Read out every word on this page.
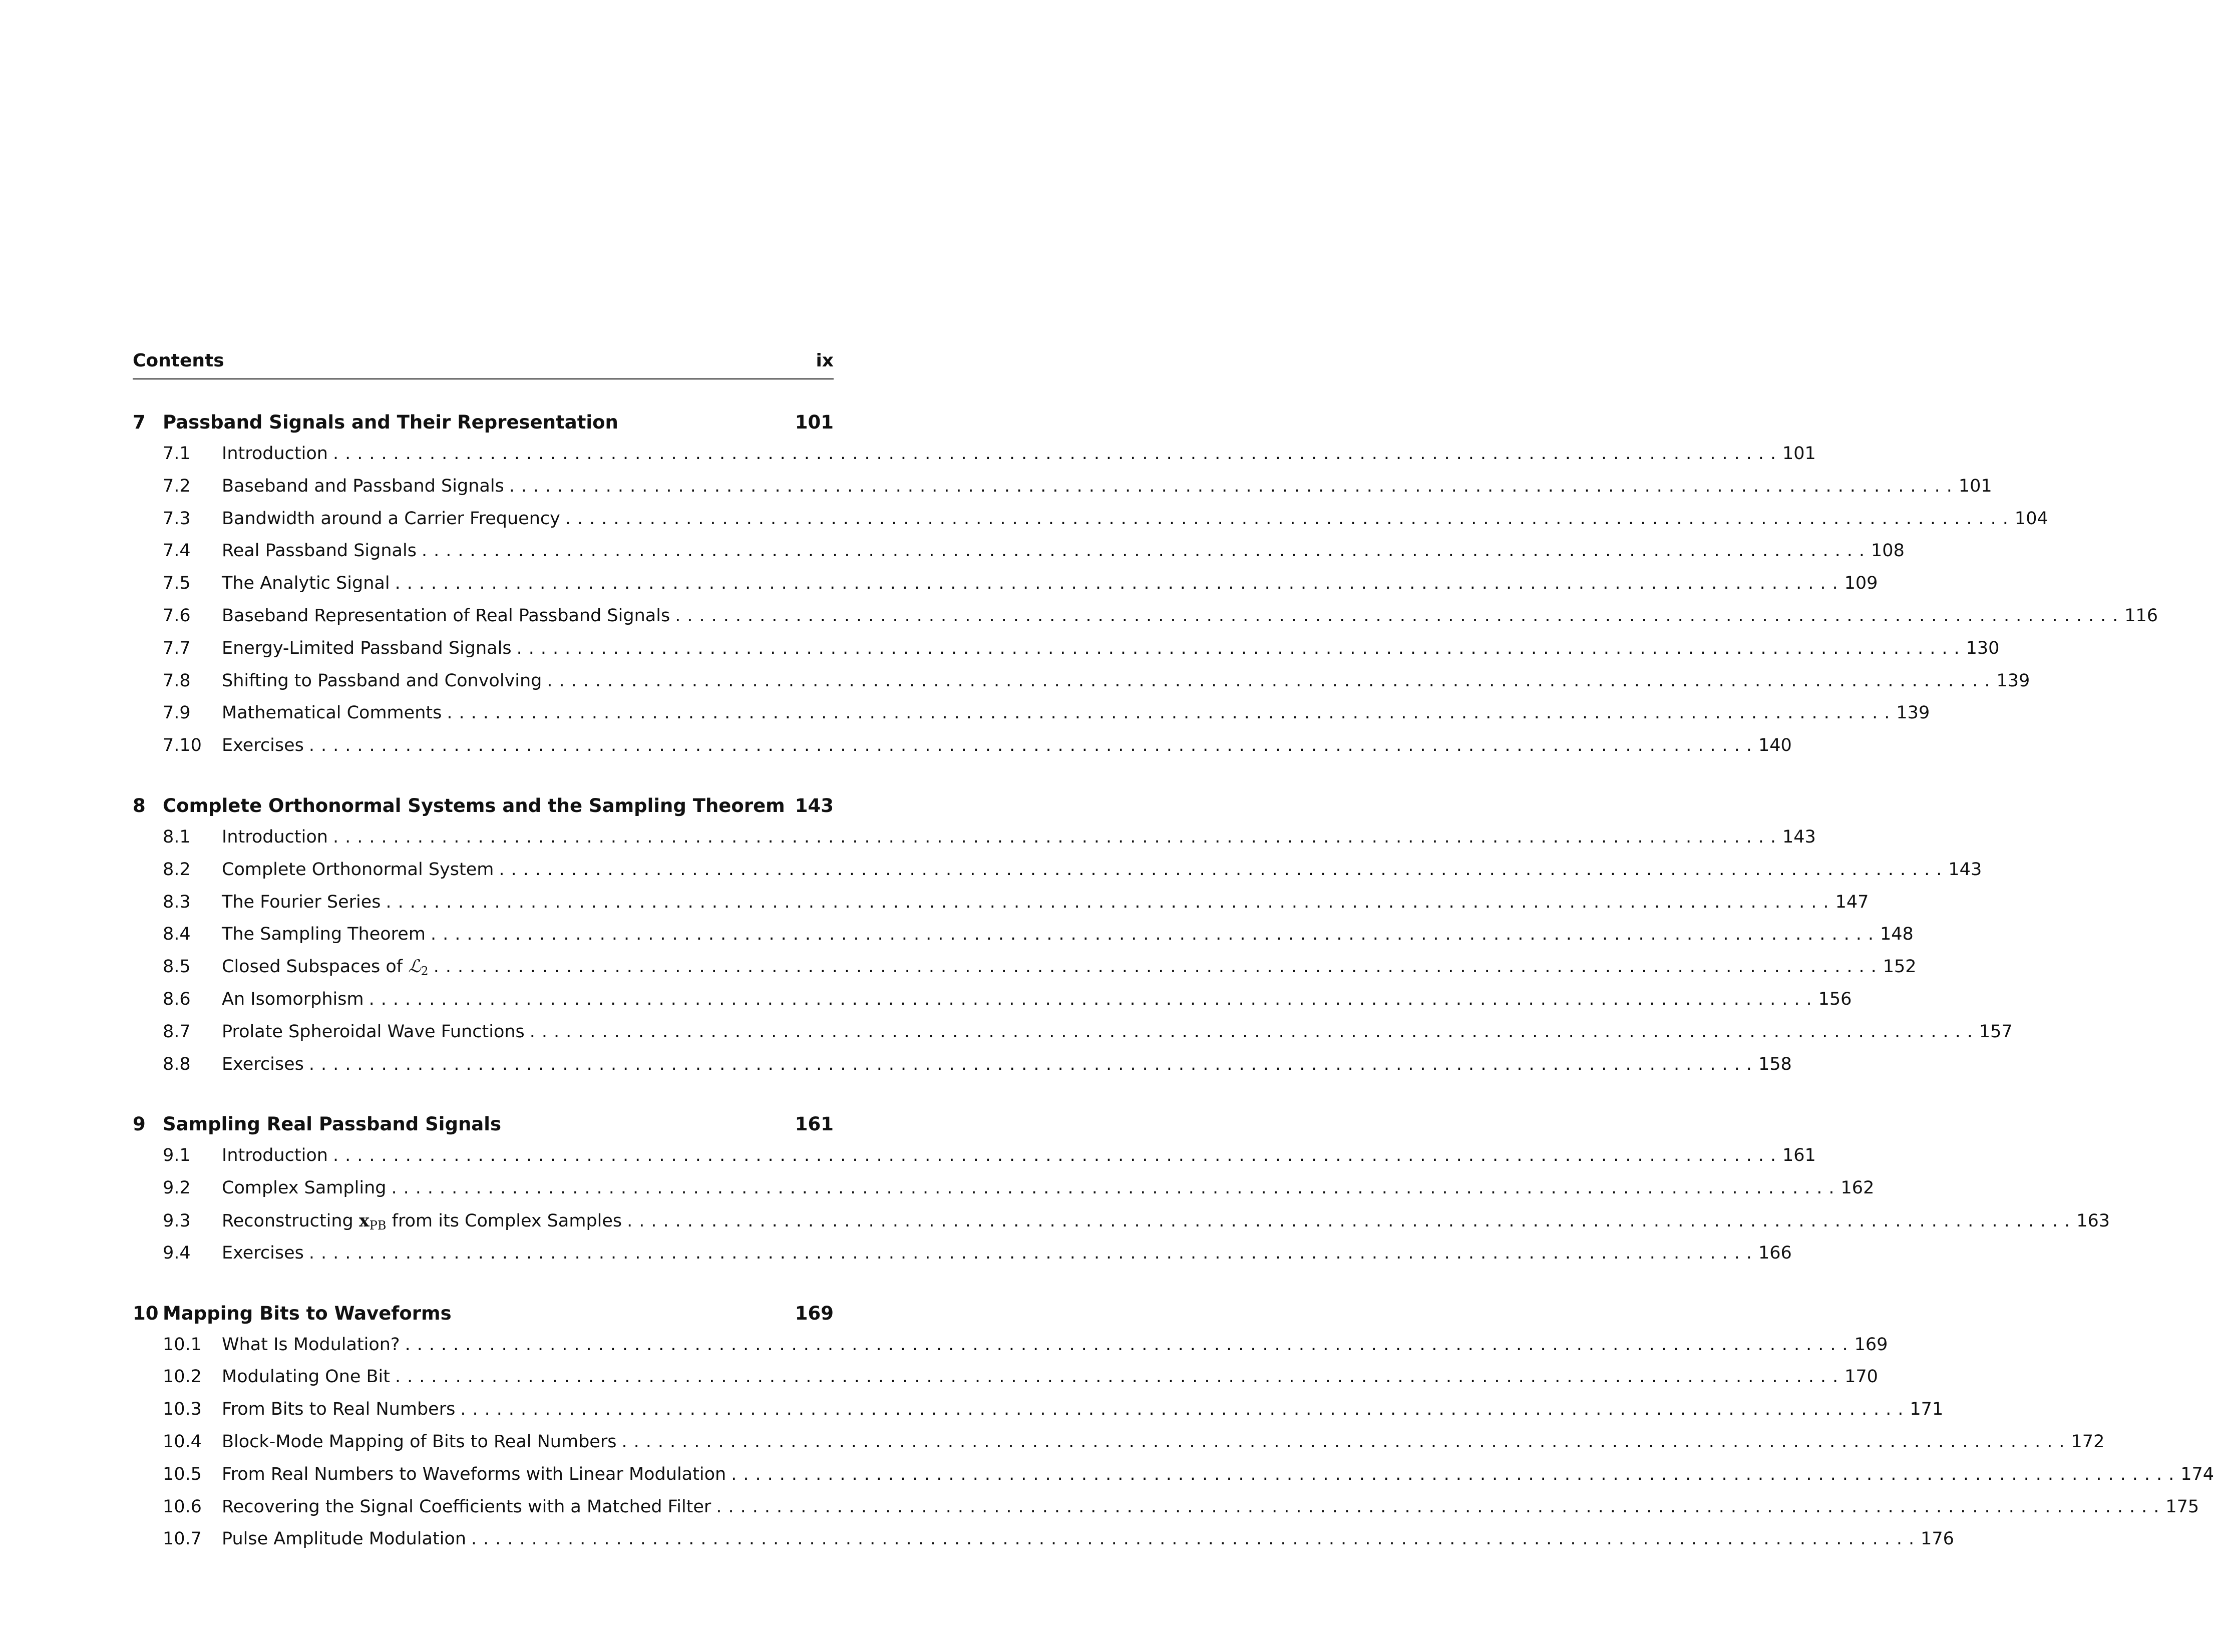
Contents	ix
7 Passband Signals and Their Representation	101
7.1	Introduction ........................................................................................................................ 101
7.2	Baseband and Passband Signals ........................................................................................................................ 101
7.3	Bandwidth around a Carrier Frequency ........................................................................................................................ 104
7.4	Real Passband Signals ........................................................................................................................ 108
7.5	The Analytic Signal ........................................................................................................................ 109
7.6	Baseband Representation of Real Passband Signals ........................................................................................................................ 116
7.7	Energy-Limited Passband Signals ........................................................................................................................ 130
7.8	Shifting to Passband and Convolving ........................................................................................................................ 139
7.9	Mathematical Comments ........................................................................................................................ 139
7.10	Exercises ........................................................................................................................ 140
8 Complete Orthonormal Systems and the Sampling Theorem 143
8.1	Introduction ........................................................................................................................ 143
8.2	Complete Orthonormal System ........................................................................................................................ 143
8.3	The Fourier Series ........................................................................................................................ 147
8.4	The Sampling Theorem ........................................................................................................................ 148
8.5	Closed Subspaces of ℒ$_2$ ........................................................................................................................ 152
8.6	An Isomorphism ........................................................................................................................ 156
8.7	Prolate Spheroidal Wave Functions ........................................................................................................................ 157
8.8	Exercises ........................................................................................................................ 158
9 Sampling Real Passband Signals	161
9.1	Introduction ........................................................................................................................ 161
9.2	Complex Sampling ........................................................................................................................ 162
9.3	Reconstructing $x_{PB}$ from its Complex Samples ........................................................................................................................ 163
9.4	Exercises ........................................................................................................................ 166
10 Mapping Bits to Waveforms	169
10.1	What Is Modulation? ........................................................................................................................ 169
10.2	Modulating One Bit ........................................................................................................................ 170
10.3	From Bits to Real Numbers ........................................................................................................................ 171
10.4	Block-Mode Mapping of Bits to Real Numbers ........................................................................................................................ 172
10.5	From Real Numbers to Waveforms with Linear Modulation ........................................................................................................................ 174
10.6	Recovering the Signal Coefficients with a Matched Filter ........................................................................................................................ 175
10.7	Pulse Amplitude Modulation ........................................................................................................................ 176
